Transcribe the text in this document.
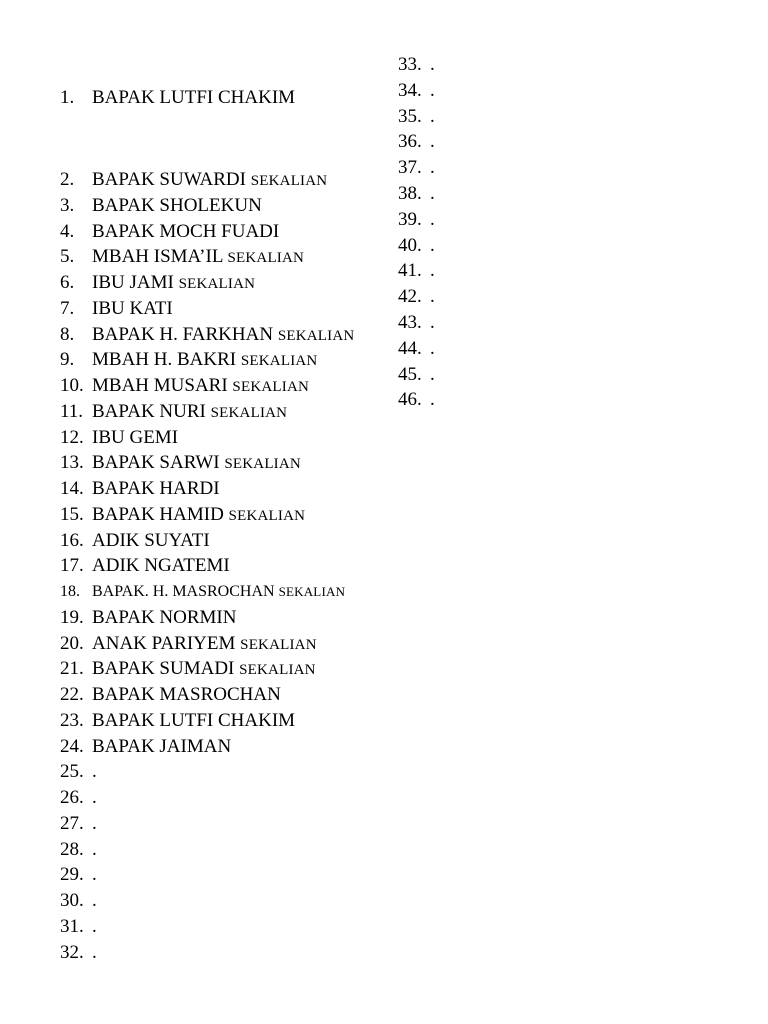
1. BAPAK LUTFI CHAKIM
2. BAPAK SUWARDI SEKALIAN
3. BAPAK SHOLEKUN
4. BAPAK MOCH FUADI
5. MBAH ISMA’IL SEKALIAN
6. IBU JAMI SEKALIAN
7. IBU KATI
8. BAPAK H. FARKHAN SEKALIAN
9. MBAH H. BAKRI SEKALIAN
10. MBAH MUSARI SEKALIAN
11. BAPAK NURI SEKALIAN
12. IBU GEMI
13. BAPAK SARWI SEKALIAN
14. BAPAK HARDI
15. BAPAK HAMID SEKALIAN
16. ADIK SUYATI
17. ADIK NGATEMI
18. BAPAK. H. MASROCHAN SEKALIAN
19. BAPAK NORMIN
20. ANAK PARIYEM SEKALIAN
21. BAPAK SUMADI SEKALIAN
22. BAPAK MASROCHAN
23. BAPAK LUTFI CHAKIM
24. BAPAK JAIMAN
25. .
26. .
27. .
28. .
29. .
30. .
31. .
32. .
33. .
34. .
35. .
36. .
37. .
38. .
39. .
40. .
41. .
42. .
43. .
44. .
45. .
46. .
